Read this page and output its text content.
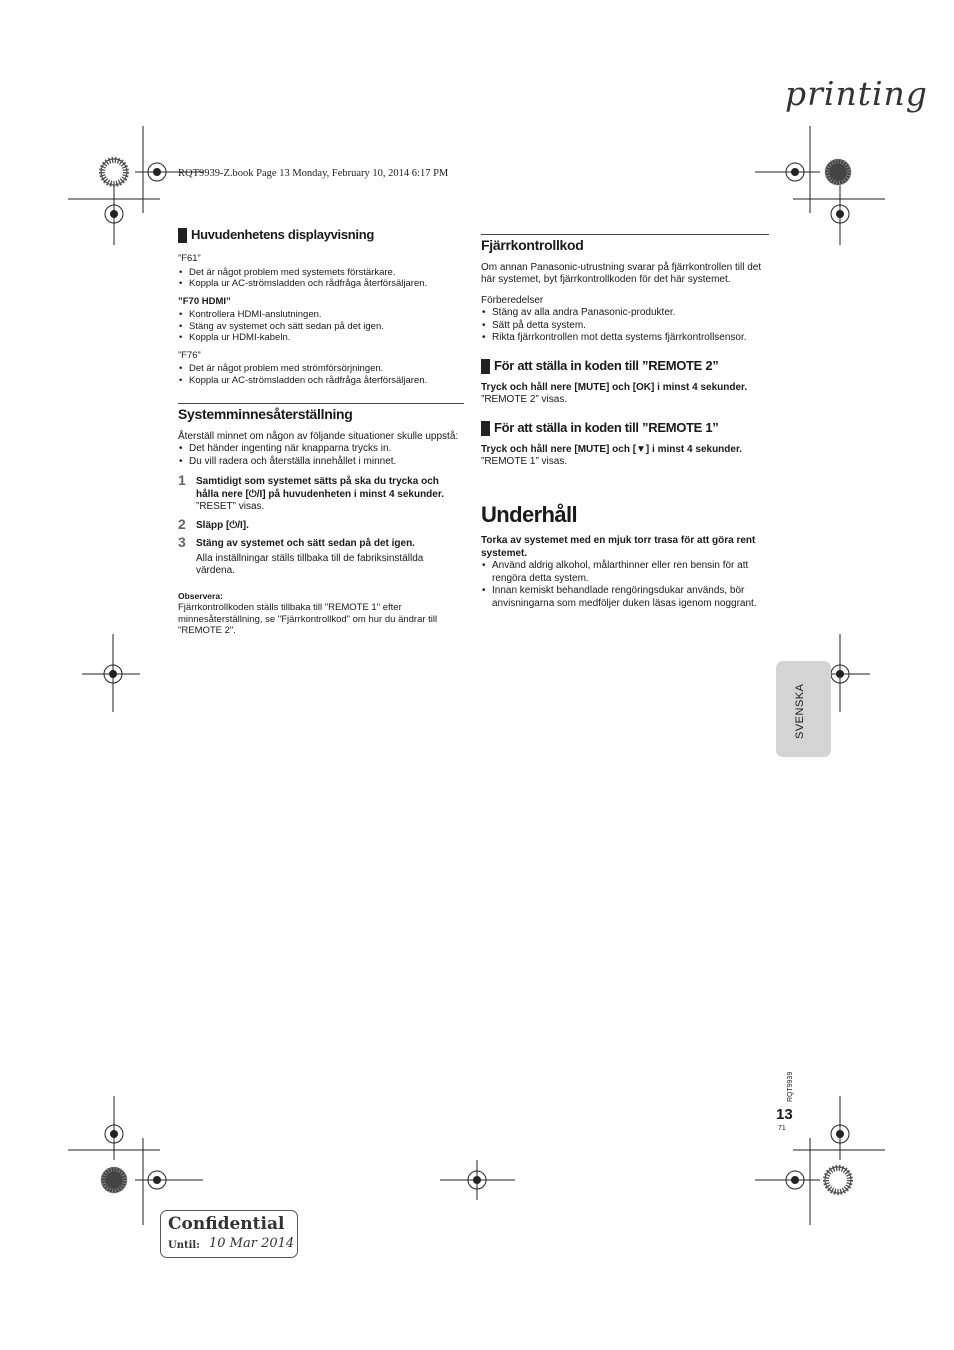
printing
RQT9939-Z.book Page 13 Monday, February 10, 2014 6:17 PM
Huvudenhetens displayvisning
”F61”
• Det är något problem med systemets förstärkare.
• Koppla ur AC-strömsladden och rådfråga återförsäljaren.
”F70 HDMI”
• Kontrollera HDMI-anslutningen.
• Stäng av systemet och sätt sedan på det igen.
• Koppla ur HDMI-kabeln.
”F76”
• Det är något problem med strömförsörjningen.
• Koppla ur AC-strömsladden och rådfråga återförsäljaren.
Systemminnesåterställning

Återställ minnet om någon av följande situationer skulle uppstå:

• Det händer ingenting när knapparna trycks in.
• Du vill radera och återställa innehållet i minnet.
1 Samtidigt som systemet sätts på ska du trycka och hålla nere [⏻/I] på huvudenheten i minst 4 sekunder.

”RESET” visas.

2 Släpp [⏻/I].

3 Stäng av systemet och sätt sedan på det igen.

Alla inställningar ställs tillbaka till de fabriksinställda värdena.

Observera:

Fjärrkontrollkoden ställs tillbaka till "REMOTE 1" efter minnesåterställning, se "Fjärrkontrollkod" om hur du ändrar till "REMOTE 2".

Fjärrkontrollkod

Om annan Panasonic-utrustning svarar på fjärrkontrollen till det här systemet, byt fjärrkontrollkoden för det här systemet.

Förberedelser

• Stäng av alla andra Panasonic-produkter.
• Sätt på detta system.
• Rikta fjärrkontrollen mot detta systems fjärrkontrollsensor.
För att ställa in koden till ”REMOTE 2”

Tryck och håll nere [MUTE] och [OK] i minst 4 sekunder.

”REMOTE 2” visas.

För att ställa in koden till ”REMOTE 1”

Tryck och håll nere [MUTE] och [▼] i minst 4 sekunder.

”REMOTE 1” visas.

Underhåll

Torka av systemet med en mjuk torr trasa för att göra rent systemet.

• Använd aldrig alkohol, målarthinner eller ren bensin för att rengöra detta system.
• Innan kemiskt behandlade rengöringsdukar används, bör anvisningarna som medföljer duken läsas igenom noggrant.
SVENSKA
RQT9939
13
71
Confidential
Until: 10 Mar 2014
